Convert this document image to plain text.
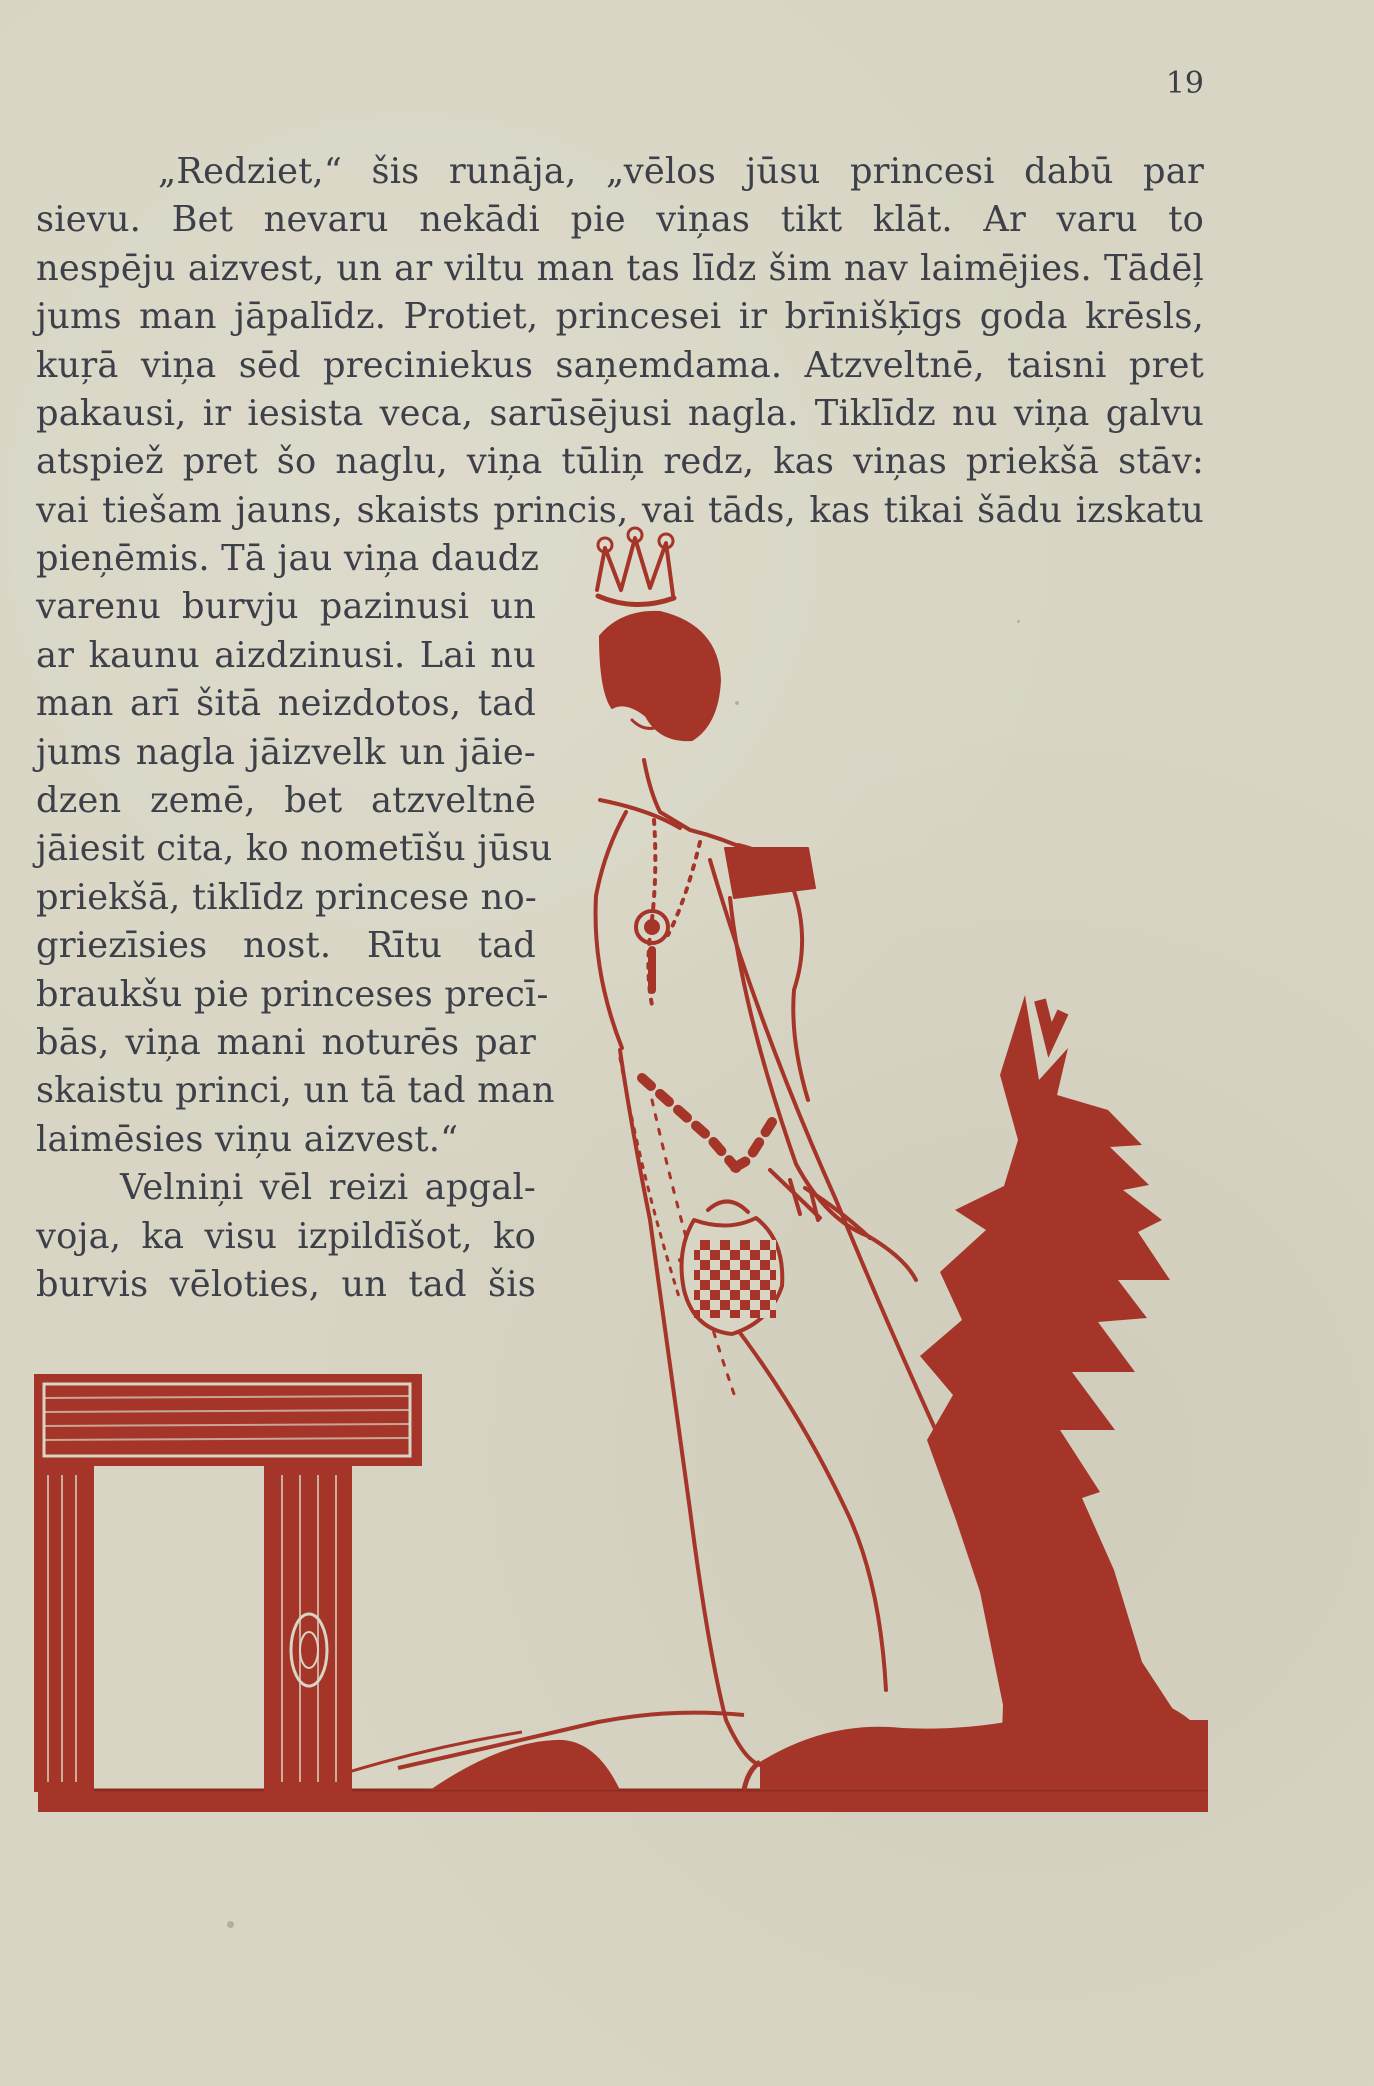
19
„Redziet,“ šis runāja, „vēlos jūsu princesi dabū par
sievu. Bet nevaru nekādi pie viņas tikt klāt. Ar varu to
nespēju aizvest, un ar viltu man tas līdz šim nav laimējies. Tādēļ
jums man jāpalīdz. Protiet, princesei ir brīnišķīgs goda krēsls,
kuŗā viņa sēd preciniekus saņemdama. Atzveltnē, taisni pret
pakausi, ir iesista veca, sarūsējusi nagla. Tiklīdz nu viņa galvu
atspiež pret šo naglu, viņa tūliņ redz, kas viņas priekšā stāv:
vai tiešam jauns, skaists princis, vai tāds, kas tikai šādu izskatu
pieņēmis. Tā jau viņa daudz
varenu burvju pazinusi un
ar kaunu aizdzinusi. Lai nu
man arī šitā neizdotos, tad
jums nagla jāizvelk un jāie-
dzen zemē, bet atzveltnē
jāiesit cita, ko nometīšu jūsu
priekšā, tiklīdz princese no-
griezīsies nost. Rītu tad
braukšu pie princeses precī-
bās, viņa mani noturēs par
skaistu princi, un tā tad man
laimēsies viņu aizvest.“
Velniņi vēl reizi apgal-
voja, ka visu izpildīšot, ko
burvis vēloties, un tad šis
